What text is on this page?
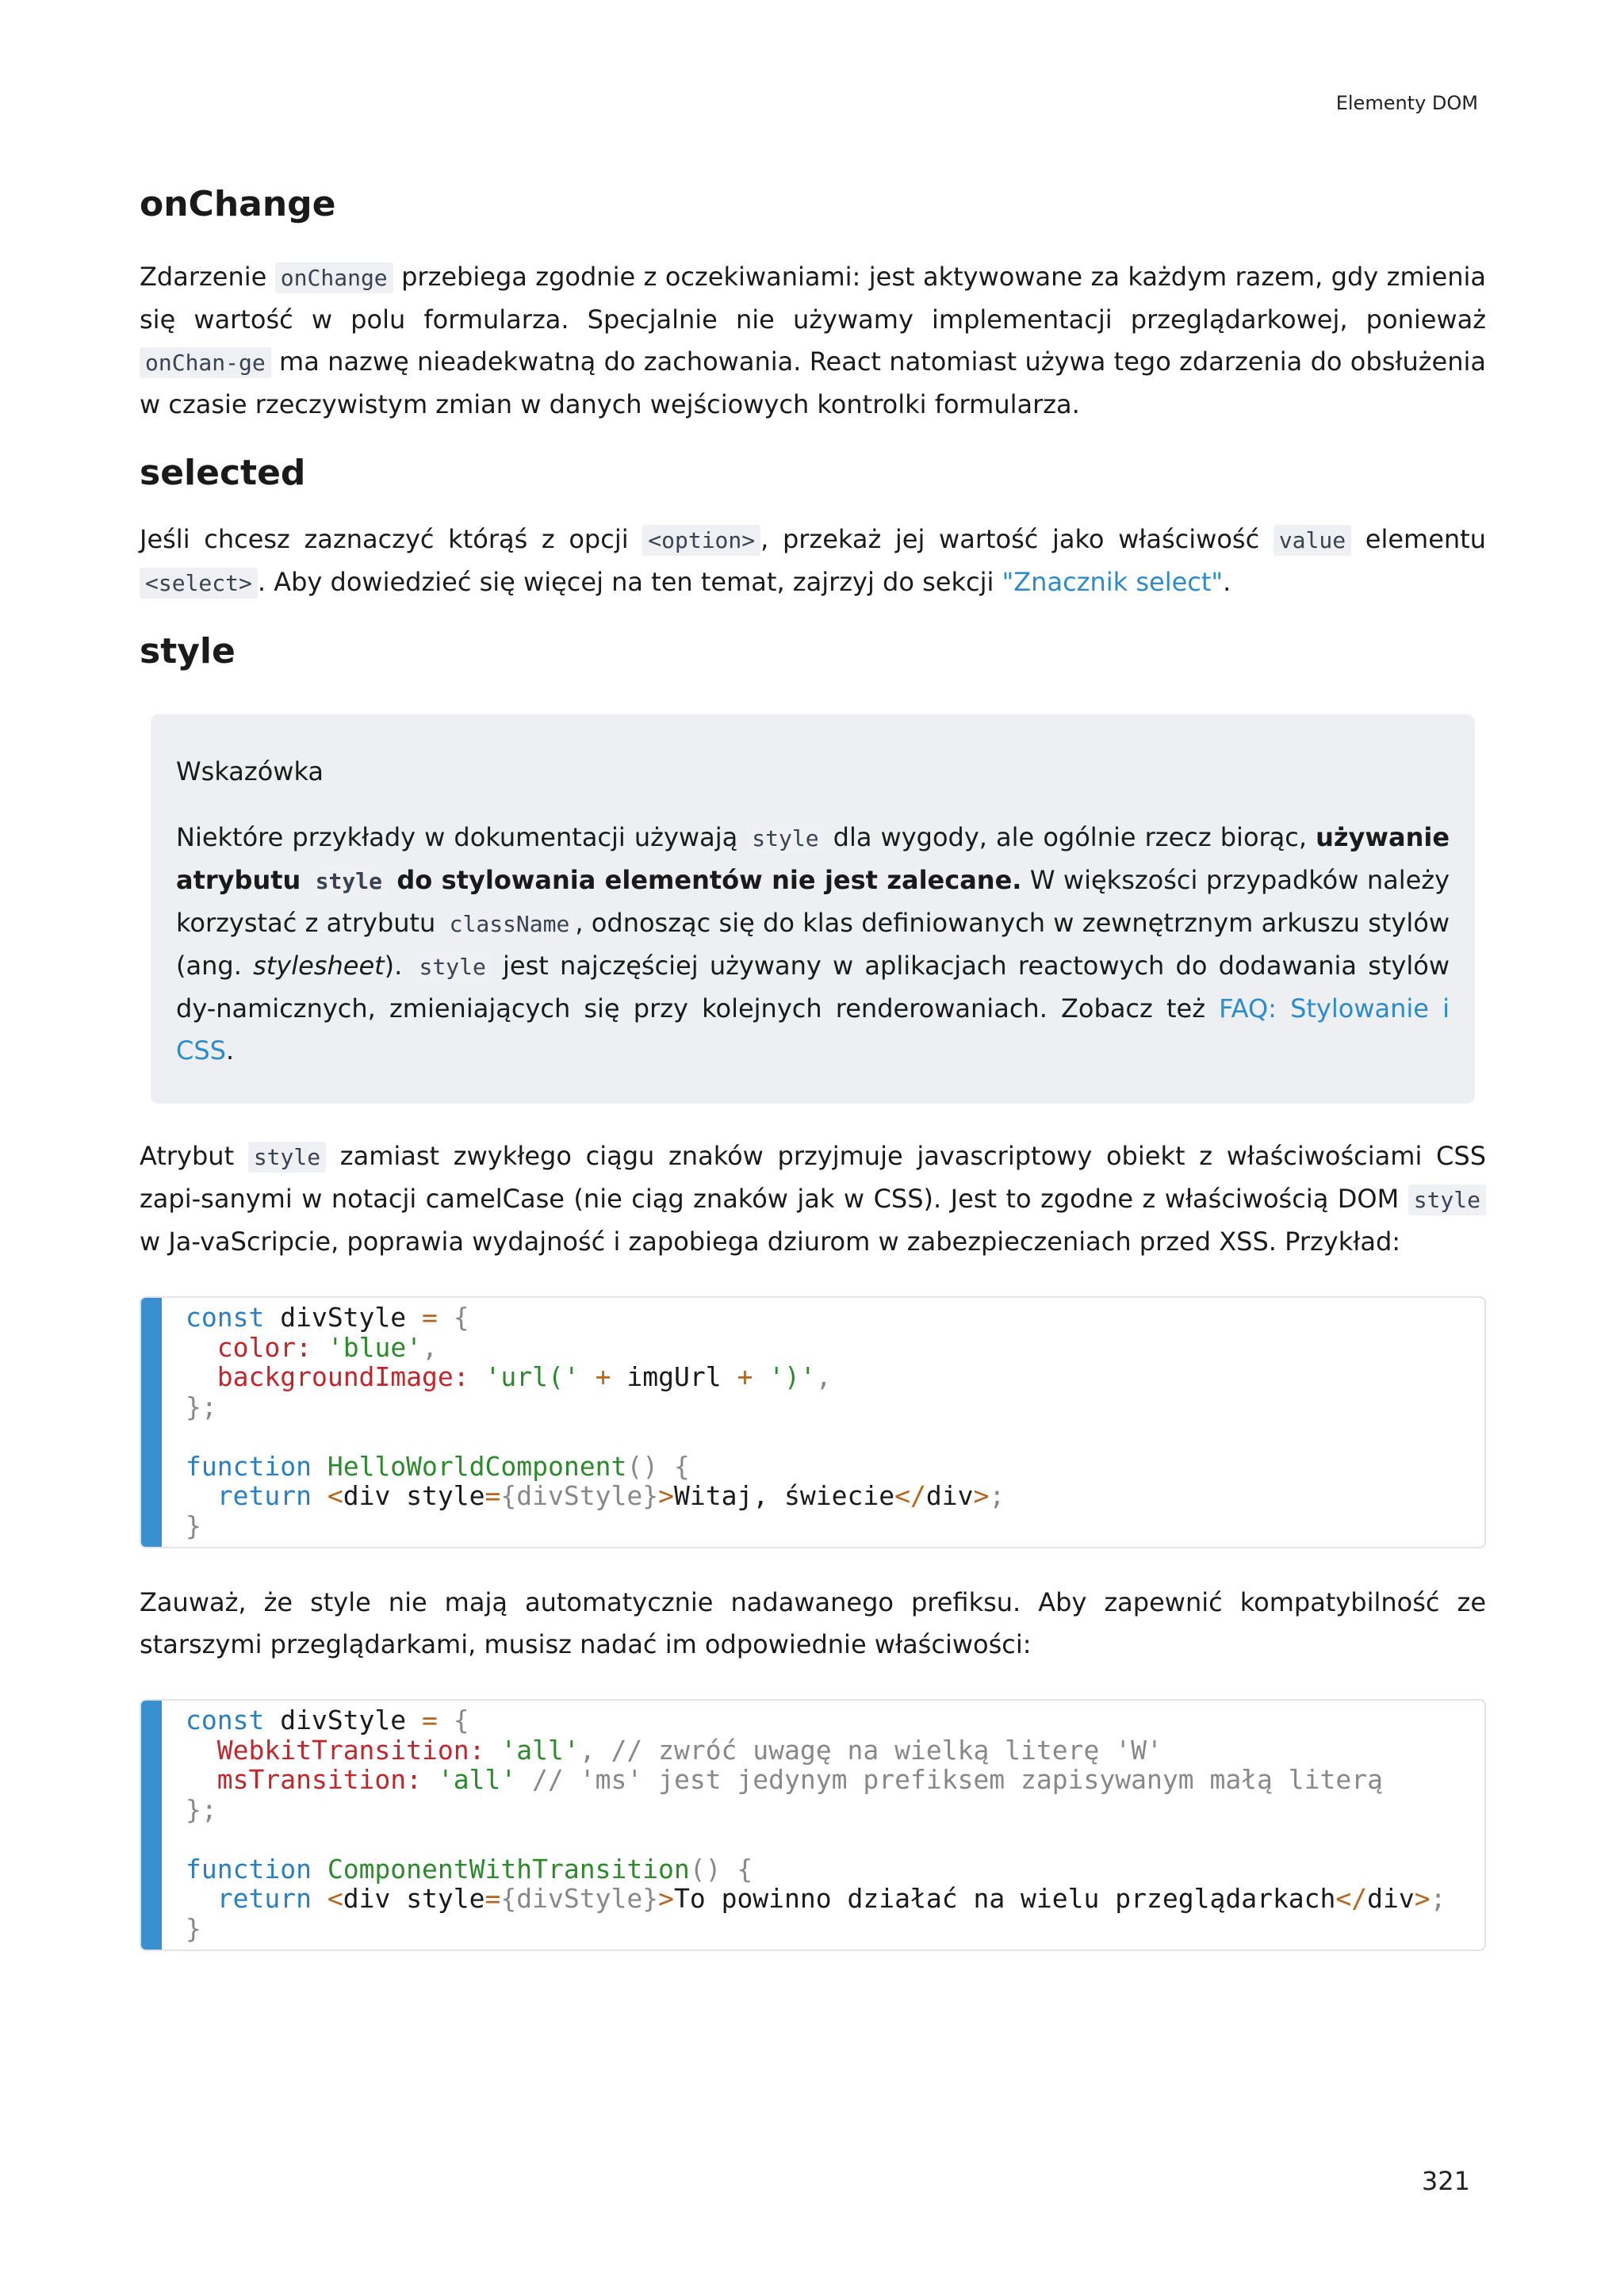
Elementy DOM
onChange

Zdarzenie onChange przebiega zgodnie z oczekiwaniami: jest aktywowane za każdym razem, gdy zmienia się wartość w polu formularza. Specjalnie nie używamy implementacji przeglądarkowej, ponieważ onChan-ge ma nazwę nieadekwatną do zachowania. React natomiast używa tego zdarzenia do obsłużenia w czasie rzeczywistym zmian w danych wejściowych kontrolki formularza.

selected

Jeśli chcesz zaznaczyć którąś z opcji <option> , przekaż jej wartość jako właściwość value elementu <select> . Aby dowiedzieć się więcej na ten temat, zajrzyj do sekcji "Znacznik select".

style

Wskazówka

Niektóre przykłady w dokumentacji używają style dla wygody, ale ogólnie rzecz biorąc, używanie atrybutu style do stylowania elementów nie jest zalecane. W większości przypadków należy korzystać z atrybutu className , odnosząc się do klas definiowanych w zewnętrznym arkuszu stylów (ang. stylesheet). style jest najczęściej używany w aplikacjach reactowych do dodawania stylów dy-namicznych, zmieniających się przy kolejnych renderowaniach. Zobacz też FAQ: Stylowanie i CSS.

Atrybut style zamiast zwykłego ciągu znaków przyjmuje javascriptowy obiekt z właściwościami CSS zapi-sanymi w notacji camelCase (nie ciąg znaków jak w CSS). Jest to zgodne z właściwością DOM style w Ja-vaScripcie, poprawia wydajność i zapobiega dziurom w zabezpieczeniach przed XSS. Przykład:

const divStyle = {
color: 'blue',
backgroundImage: 'url(' + imgUrl + ')',
};

function HelloWorldComponent() {
return <div style={divStyle}>Witaj, świecie</div>;
}

Zauważ, że style nie mają automatycznie nadawanego prefiksu. Aby zapewnić kompatybilność ze starszymi przeglądarkami, musisz nadać im odpowiednie właściwości:

const divStyle = {
WebkitTransition: 'all', // zwróć uwagę na wielką literę 'W'
msTransition: 'all' // 'ms' jest jedynym prefiksem zapisywanym małą literą
};

function ComponentWithTransition() {
return <div style={divStyle}>To powinno działać na wielu przeglądarkach</div>;
}
321
